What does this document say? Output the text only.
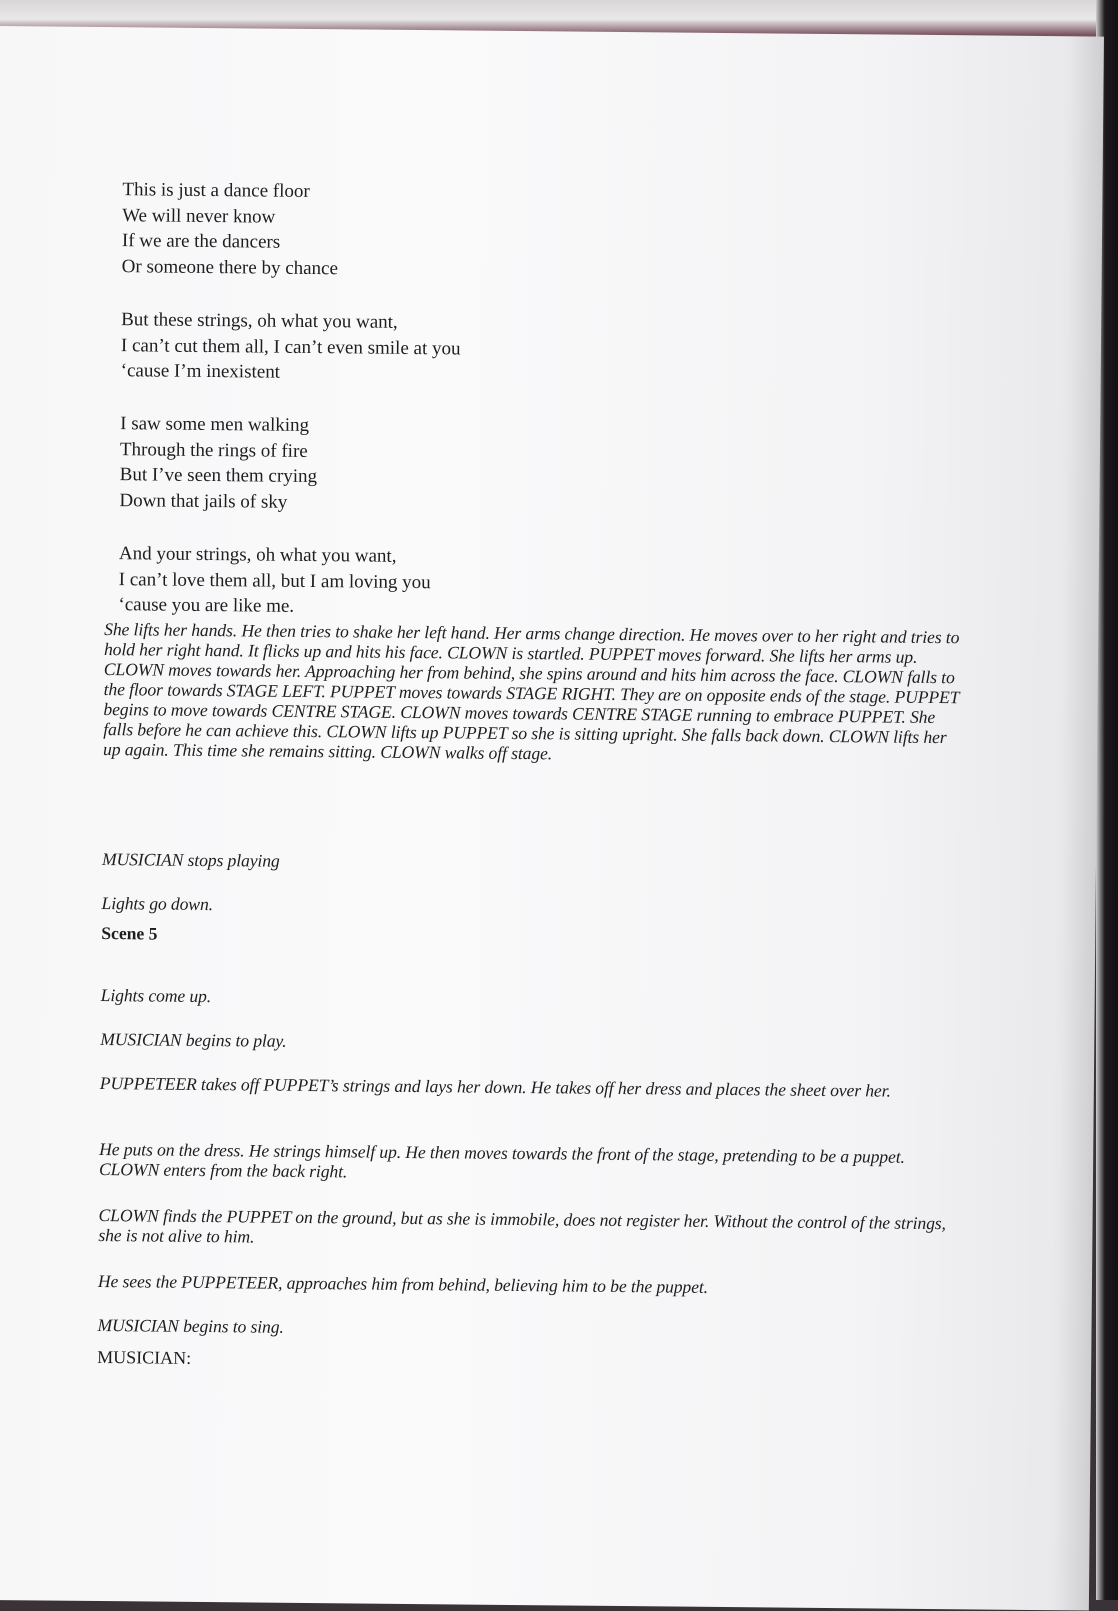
This is just a dance floor
We will never know
If we are the dancers
Or someone there by chance
But these strings, oh what you want,
I can’t cut them all, I can’t even smile at you
‘cause I’m inexistent
I saw some men walking
Through the rings of fire
But I’ve seen them crying
Down that jails of sky
And your strings, oh what you want,
I can’t love them all, but I am loving you
‘cause you are like me.

She lifts her hands. He then tries to shake her left hand. Her arms change direction. He moves over to her right and tries to hold her right hand. It flicks up and hits his face. CLOWN is startled. PUPPET moves forward. She lifts her arms up. CLOWN moves towards her. Approaching her from behind, she spins around and hits him across the face. CLOWN falls to the floor towards STAGE LEFT. PUPPET moves towards STAGE RIGHT. They are on opposite ends of the stage. PUPPET begins to move towards CENTRE STAGE. CLOWN moves towards CENTRE STAGE running to embrace PUPPET. She falls before he can achieve this. CLOWN lifts up PUPPET so she is sitting upright. She falls back down. CLOWN lifts her up again. This time she remains sitting. CLOWN walks off stage.

MUSICIAN stops playing

Lights go down.

Scene 5

Lights come up.

MUSICIAN begins to play.

PUPPETEER takes off PUPPET’s strings and lays her down. He takes off her dress and places the sheet over her.

He puts on the dress. He strings himself up. He then moves towards the front of the stage, pretending to be a puppet. CLOWN enters from the back right.

CLOWN finds the PUPPET on the ground, but as she is immobile, does not register her. Without the control of the strings, she is not alive to him.

He sees the PUPPETEER, approaches him from behind, believing him to be the puppet.

MUSICIAN begins to sing.

MUSICIAN:
